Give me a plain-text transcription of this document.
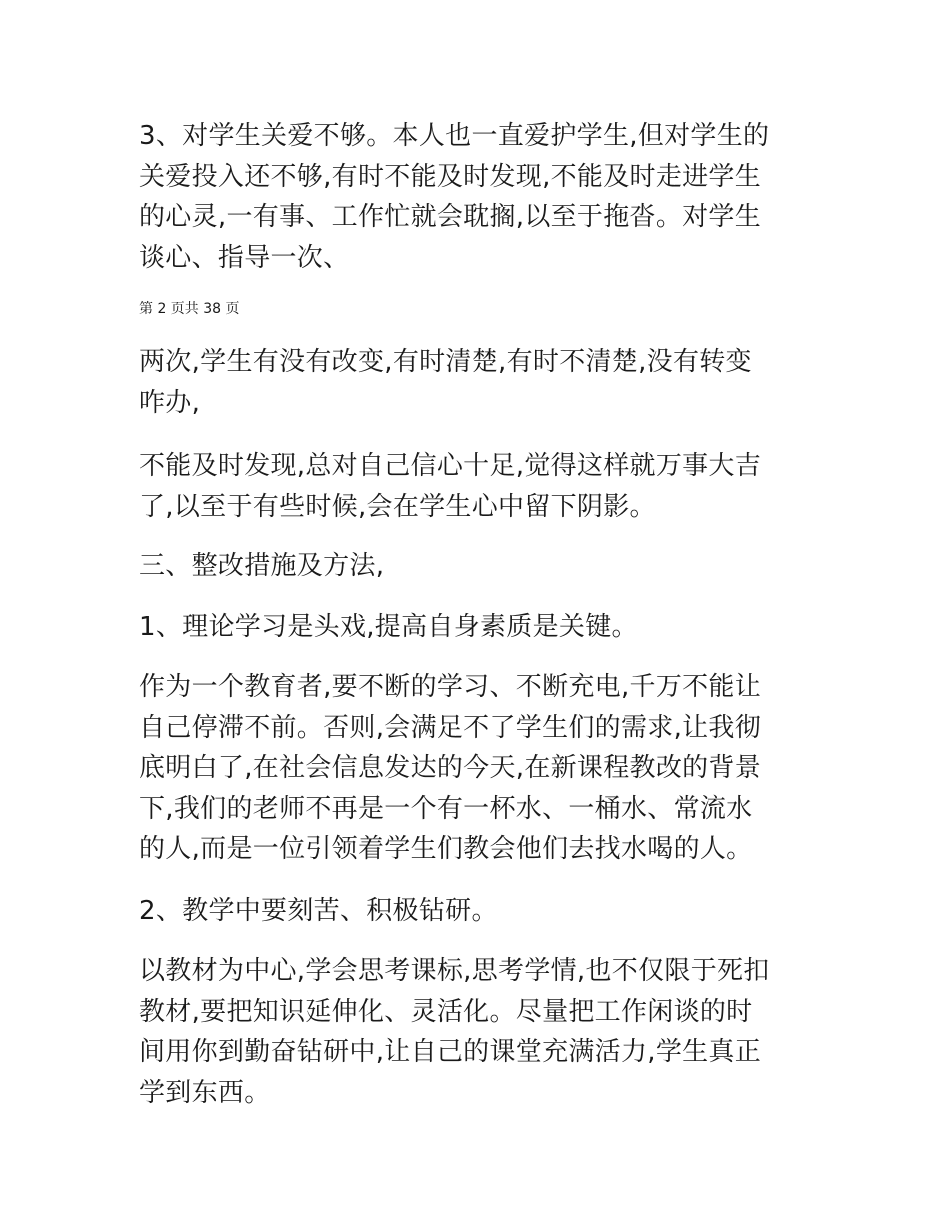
3、对学生关爱不够。本人也一直爱护学生,但对学生的
关爱投入还不够,有时不能及时发现,不能及时走进学生
的心灵,一有事、工作忙就会耽搁,以至于拖沓。对学生
谈心、指导一次、

第 2 页共 38 页

两次,学生有没有改变,有时清楚,有时不清楚,没有转变
咋办,

不能及时发现,总对自己信心十足,觉得这样就万事大吉
了,以至于有些时候,会在学生心中留下阴影。

三、整改措施及方法,

1、理论学习是头戏,提高自身素质是关键。

作为一个教育者,要不断的学习、不断充电,千万不能让
自己停滞不前。否则,会满足不了学生们的需求,让我彻
底明白了,在社会信息发达的今天,在新课程教改的背景
下,我们的老师不再是一个有一杯水、一桶水、常流水
的人,而是一位引领着学生们教会他们去找水喝的人。

2、教学中要刻苦、积极钻研。

以教材为中心,学会思考课标,思考学情,也不仅限于死扣
教材,要把知识延伸化、灵活化。尽量把工作闲谈的时
间用你到勤奋钻研中,让自己的课堂充满活力,学生真正
学到东西。
